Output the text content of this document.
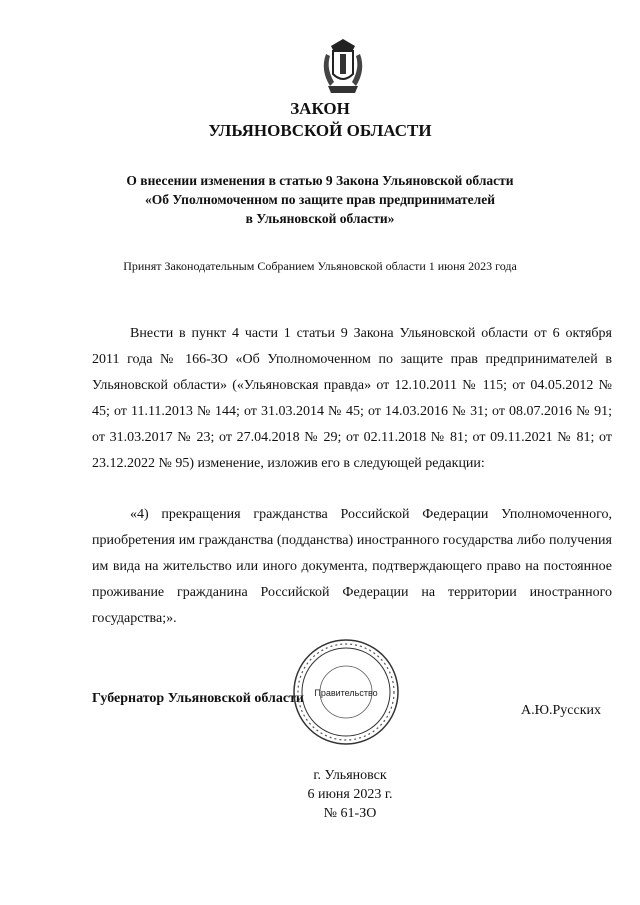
ЗАКОН
УЛЬЯНОВСКОЙ ОБЛАСТИ
О внесении изменения в статью 9 Закона Ульяновской области
«Об Уполномоченном по защите прав предпринимателей
в Ульяновской области»
Принят Законодательным Собранием Ульяновской области 1 июня 2023 года
Внести в пункт 4 части 1 статьи 9 Закона Ульяновской области от 6 октября 2011 года № 166-ЗО «Об Уполномоченном по защите прав предпринимателей в Ульяновской области» («Ульяновская правда» от 12.10.2011 № 115; от 04.05.2012 № 45; от 11.11.2013 № 144; от 31.03.2014 № 45; от 14.03.2016 № 31; от 08.07.2016 № 91; от 31.03.2017 № 23; от 27.04.2018 № 29; от 02.11.2018 № 81; от 09.11.2021 № 81; от 23.12.2022 № 95) изменение, изложив его в следующей редакции:
«4) прекращения гражданства Российской Федерации Уполномоченного, приобретения им гражданства (подданства) иностранного государства либо получения им вида на жительство или иного документа, подтверждающего право на постоянное проживание гражданина Российской Федерации на территории иностранного государства;».
Губернатор Ульяновской области Правительство
А.Ю.Русских
г. Ульяновск
6 июня 2023 г.
№ 61-ЗО
